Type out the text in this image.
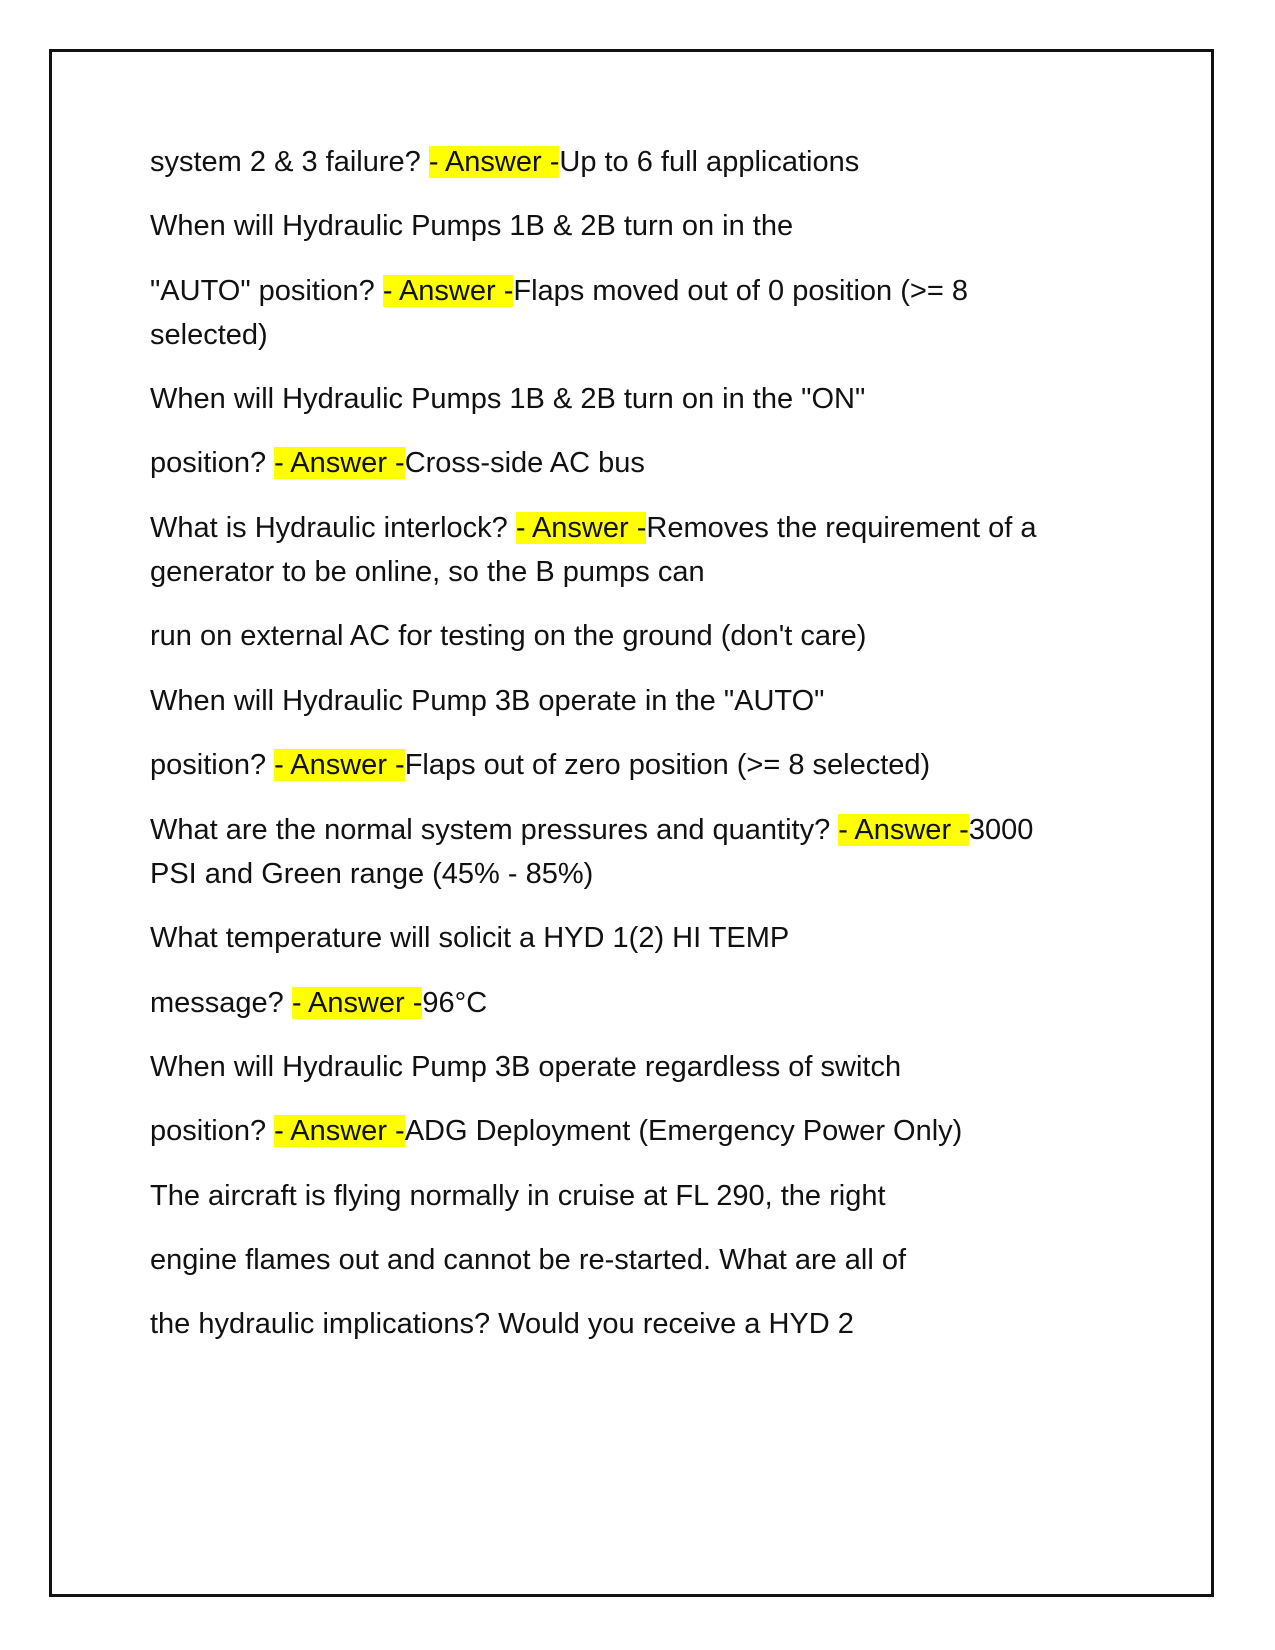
system 2 & 3 failure? - Answer -Up to 6 full applications
When will Hydraulic Pumps 1B & 2B turn on in the
"AUTO" position? - Answer -Flaps moved out of 0 position (>= 8
selected)
When will Hydraulic Pumps 1B & 2B turn on in the "ON"
position? - Answer -Cross-side AC bus
What is Hydraulic interlock? - Answer -Removes the requirement of a
generator to be online, so the B pumps can
run on external AC for testing on the ground (don't care)
When will Hydraulic Pump 3B operate in the "AUTO"
position? - Answer -Flaps out of zero position (>= 8 selected)
What are the normal system pressures and quantity? - Answer -3000
PSI and Green range (45% - 85%)
What temperature will solicit a HYD 1(2) HI TEMP
message? - Answer -96°C
When will Hydraulic Pump 3B operate regardless of switch
position? - Answer -ADG Deployment (Emergency Power Only)
The aircraft is flying normally in cruise at FL 290, the right
engine flames out and cannot be re-started. What are all of
the hydraulic implications? Would you receive a HYD 2
